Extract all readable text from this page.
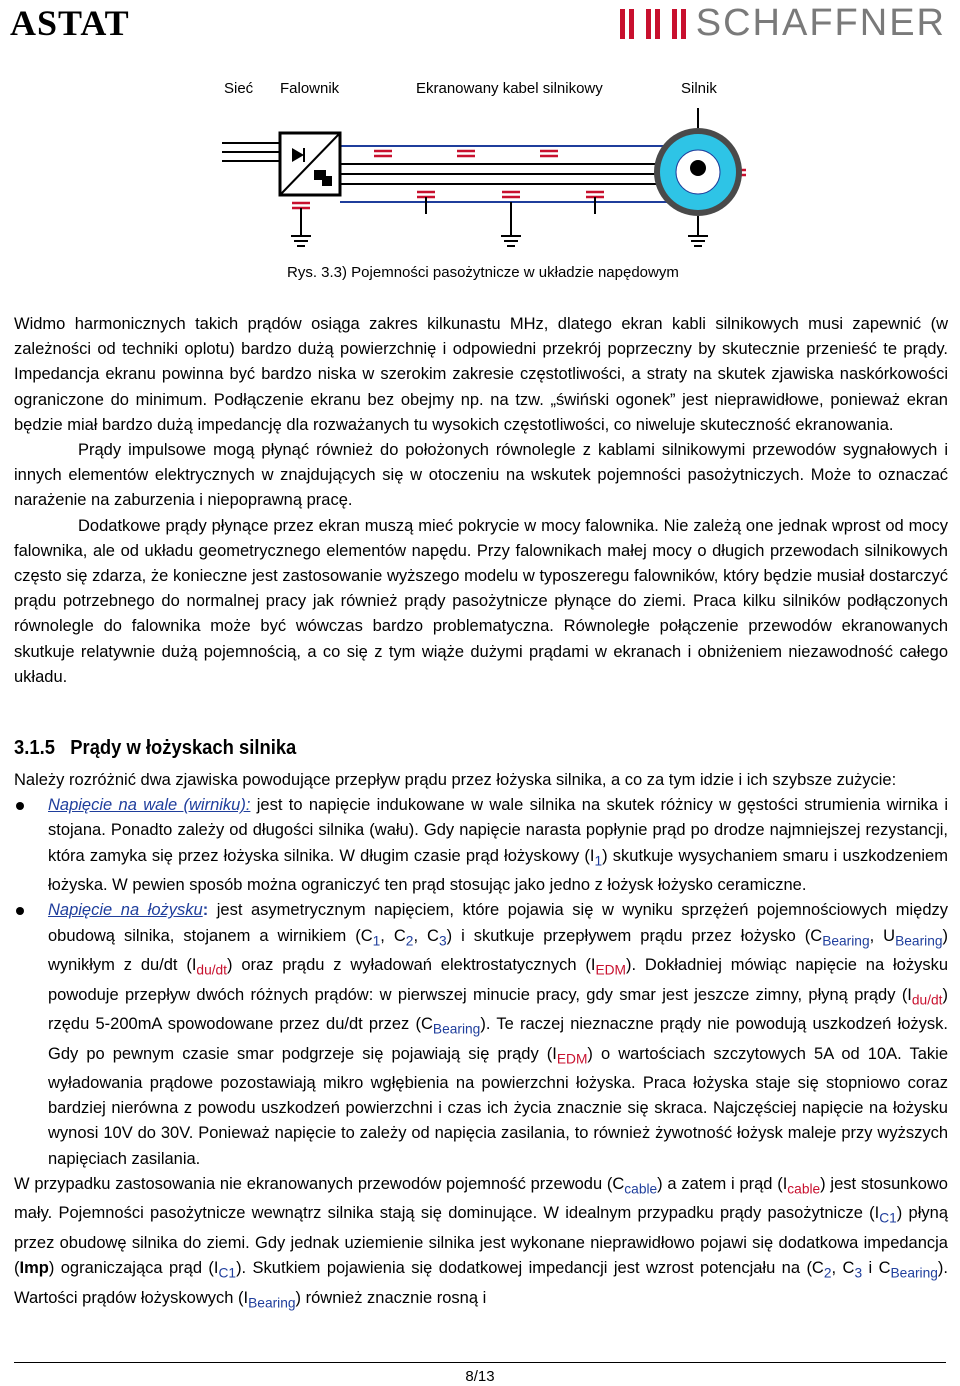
ASTAT	SCHAFFNER
Sieć Falownik	Ekranowany kabel silnikowy	Silnik
Rys. 3.3) Pojemności pasożytnicze w układzie napędowym

Widmo harmonicznych takich prądów osiąga zakres kilkunastu MHz, dlatego ekran kabli silnikowych musi zapewnić (w zależności od techniki oplotu) bardzo dużą powierzchnię i odpowiedni przekrój poprzeczny by skutecznie przenieść te prądy. Impedancja ekranu powinna być bardzo niska w szerokim zakresie częstotliwości, a straty na skutek zjawiska naskórkowości ograniczone do minimum. Podłączenie ekranu bez obejmy np. na tzw. „świński ogonek” jest nieprawidłowe, ponieważ ekran będzie miał bardzo dużą impedancję dla rozważanych tu wysokich częstotliwości, co niweluje skuteczność ekranowania.

Prądy impulsowe mogą płynąć również do położonych równolegle z kablami silnikowymi przewodów sygnałowych i innych elementów elektrycznych w znajdujących się w otoczeniu na wskutek pojemności pasożytniczych. Może to oznaczać narażenie na zaburzenia i niepoprawną pracę.

Dodatkowe prądy płynące przez ekran muszą mieć pokrycie w mocy falownika. Nie zależą one jednak wprost od mocy falownika, ale od układu geometrycznego elementów napędu. Przy falownikach małej mocy o długich przewodach silnikowych często się zdarza, że konieczne jest zastosowanie wyższego modelu w typoszeregu falowników, który będzie musiał dostarczyć prądu potrzebnego do normalnej pracy jak również prądy pasożytnicze płynące do ziemi. Praca kilku silników podłączonych równolegle do falownika może być wówczas bardzo problematyczna. Równoległe połączenie przewodów ekranowanych skutkuje relatywnie dużą pojemnością, a co się z tym wiąże dużymi prądami w ekranach i obniżeniem niezawodność całego układu.

3.1.5   Prądy w łożyskach silnika

Należy rozróżnić dwa zjawiska powodujące przepływ prądu przez łożyska silnika, a co za tym idzie i ich szybsze zużycie:

Napięcie na wale (wirniku): jest to napięcie indukowane w wale silnika na skutek różnicy w gęstości strumienia wirnika i stojana. Ponadto zależy od długości silnika (wału). Gdy napięcie narasta popłynie prąd po drodze najmniejszej rezystancji, która zamyka się przez łożyska silnika. W długim czasie prąd łożyskowy $(I_1)$ skutkuje wysychaniem smaru i uszkodzeniem łożyska. W pewien sposób można ograniczyć ten prąd stosując jako jedno z łożysk łożysko ceramiczne.
Napięcie na łożysku: jest asymetrycznym napięciem, które pojawia się w wyniku sprzężeń pojemnościowych między obudową silnika, stojanem a wirnikiem ($C_1$, $C_2$, $C_3$) i skutkuje przepływem prądu przez łożysko ($C_{Bearing}$, $U_{Bearing}$) wynikłym z du/dt $(I_{du/dt})$ oraz prądu z wyładowań elektrostatycznych $(I_{EDM})$. Dokładniej mówiąc napięcie na łożysku powoduje przepływ dwóch różnych prądów: w pierwszej minucie pracy, gdy smar jest jeszcze zimny, płyną prądy $(I_{du/dt})$ rzędu 5-200mA spowodowane przez du/dt przez $(C_{Bearing})$. Te raczej nieznaczne prądy nie powodują uszkodzeń łożysk. Gdy po pewnym czasie smar podgrzeje się pojawiają się prądy $(I_{EDM})$ o wartościach szczytowych 5A od 10A. Takie wyładowania prądowe pozostawiają mikro wgłębienia na powierzchni łożyska. Praca łożyska staje się stopniowo coraz bardziej nierówna z powodu uszkodzeń powierzchni i czas ich życia znacznie się skraca. Najczęściej napięcie na łożysku wynosi 10V do 30V. Ponieważ napięcie to zależy od napięcia zasilania, to również żywotność łożysk maleje przy wyższych napięciach zasilania.

W przypadku zastosowania nie ekranowanych przewodów pojemność przewodu $(C_{cable})$ a zatem i prąd $(I_{cable})$ jest stosunkowo mały. Pojemności pasożytnicze wewnątrz silnika stają się dominujące. W idealnym przypadku prądy pasożytnicze $(I_{C1})$ płyną przez obudowę silnika do ziemi. Gdy jednak uziemienie silnika jest wykonane nieprawidłowo pojawi się dodatkowa impedancja (Imp) ograniczająca prąd $(I_{C1})$. Skutkiem pojawienia się dodatkowej impedancji jest wzrost potencjału na ($C_2$, $C_3$ i $C_{Bearing}$). Wartości prądów łożyskowych $(I_{Bearing})$ również znacznie rosną i

8/13
